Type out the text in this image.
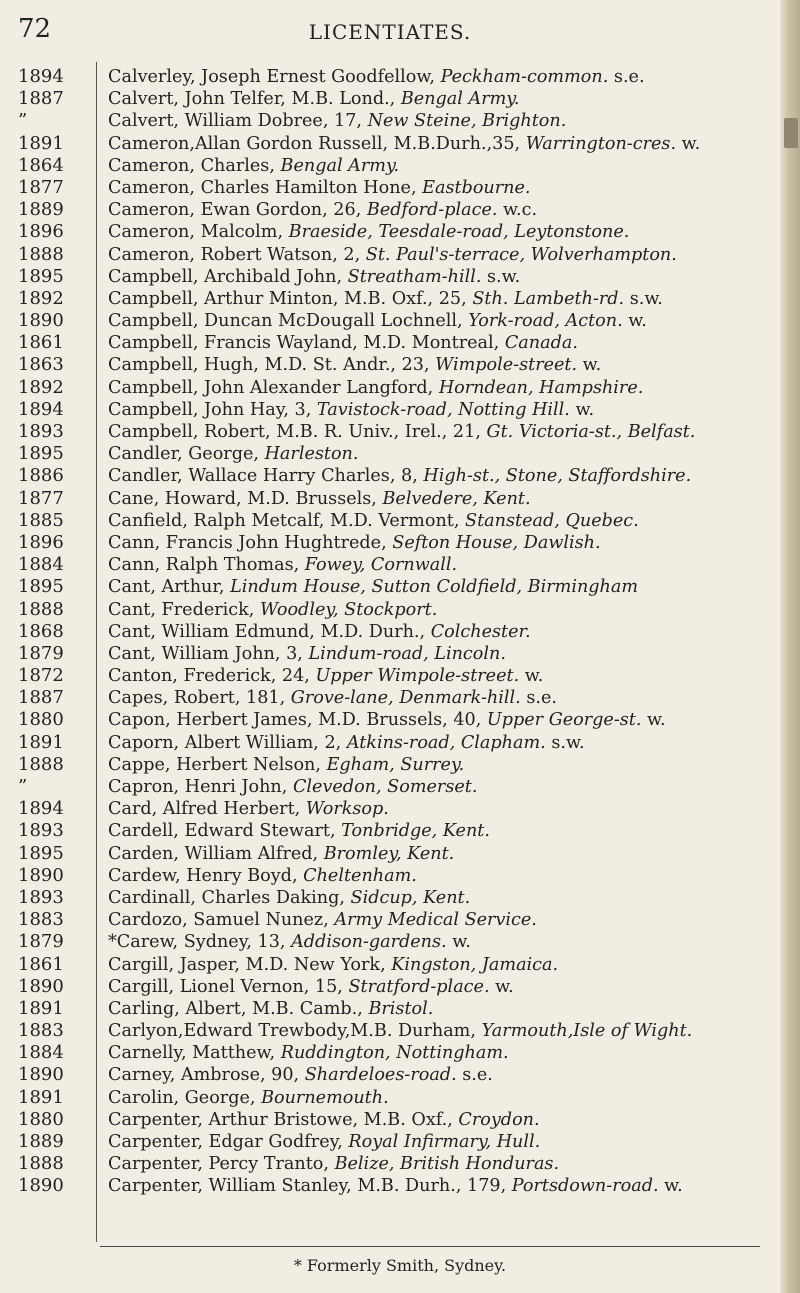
72	LICENTIATES.
1894	Calverley, Joseph Ernest Goodfellow, Peckham-common. s.e.
1887	Calvert, John Telfer, M.B. Lond., Bengal Army.
”	Calvert, William Dobree, 17, New Steine, Brighton.
1891	Cameron,Allan Gordon Russell, M.B.Durh.,35, Warrington-cres. w.
1864	Cameron, Charles, Bengal Army.
1877	Cameron, Charles Hamilton Hone, Eastbourne.
1889	Cameron, Ewan Gordon, 26, Bedford-place. w.c.
1896	Cameron, Malcolm, Braeside, Teesdale-road, Leytonstone.
1888	Cameron, Robert Watson, 2, St. Paul's-terrace, Wolverhampton.
1895	Campbell, Archibald John, Streatham-hill. s.w.
1892	Campbell, Arthur Minton, M.B. Oxf., 25, Sth. Lambeth-rd. s.w.
1890	Campbell, Duncan McDougall Lochnell, York-road, Acton. w.
1861	Campbell, Francis Wayland, M.D. Montreal, Canada.
1863	Campbell, Hugh, M.D. St. Andr., 23, Wimpole-street. w.
1892	Campbell, John Alexander Langford, Horndean, Hampshire.
1894	Campbell, John Hay, 3, Tavistock-road, Notting Hill. w.
1893	Campbell, Robert, M.B. R. Univ., Irel., 21, Gt. Victoria-st., Belfast.
1895	Candler, George, Harleston.
1886	Candler, Wallace Harry Charles, 8, High-st., Stone, Staffordshire.
1877	Cane, Howard, M.D. Brussels, Belvedere, Kent.
1885	Canfield, Ralph Metcalf, M.D. Vermont, Stanstead, Quebec.
1896	Cann, Francis John Hughtrede, Sefton House, Dawlish.
1884	Cann, Ralph Thomas, Fowey, Cornwall.
1895	Cant, Arthur, Lindum House, Sutton Coldfield, Birmingham
1888	Cant, Frederick, Woodley, Stockport.
1868	Cant, William Edmund, M.D. Durh., Colchester.
1879	Cant, William John, 3, Lindum-road, Lincoln.
1872	Canton, Frederick, 24, Upper Wimpole-street. w.
1887	Capes, Robert, 181, Grove-lane, Denmark-hill. s.e.
1880	Capon, Herbert James, M.D. Brussels, 40, Upper George-st. w.
1891	Caporn, Albert William, 2, Atkins-road, Clapham. s.w.
1888	Cappe, Herbert Nelson, Egham, Surrey.
”	Capron, Henri John, Clevedon, Somerset.
1894	Card, Alfred Herbert, Worksop.
1893	Cardell, Edward Stewart, Tonbridge, Kent.
1895	Carden, William Alfred, Bromley, Kent.
1890	Cardew, Henry Boyd, Cheltenham.
1893	Cardinall, Charles Daking, Sidcup, Kent.
1883	Cardozo, Samuel Nunez, Army Medical Service.
1879	*Carew, Sydney, 13, Addison-gardens. w.
1861	Cargill, Jasper, M.D. New York, Kingston, Jamaica.
1890	Cargill, Lionel Vernon, 15, Stratford-place. w.
1891	Carling, Albert, M.B. Camb., Bristol.
1883	Carlyon,Edward Trewbody,M.B. Durham, Yarmouth,Isle of Wight.
1884	Carnelly, Matthew, Ruddington, Nottingham.
1890	Carney, Ambrose, 90, Shardeloes-road. s.e.
1891	Carolin, George, Bournemouth.
1880	Carpenter, Arthur Bristowe, M.B. Oxf., Croydon.
1889	Carpenter, Edgar Godfrey, Royal Infirmary, Hull.
1888	Carpenter, Percy Tranto, Belize, British Honduras.
1890	Carpenter, William Stanley, M.B. Durh., 179, Portsdown-road. w.
* Formerly Smith, Sydney.
